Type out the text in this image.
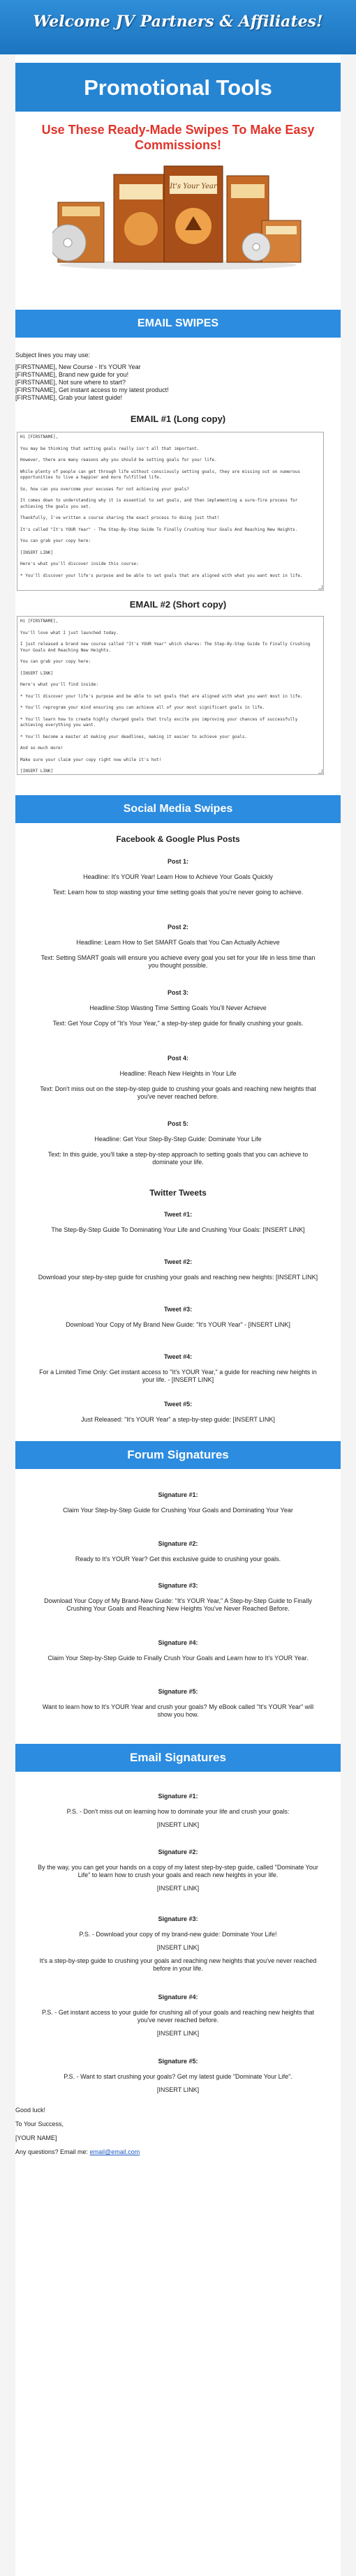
Welcome JV Partners & Affiliates!
Promotional Tools
Use These Ready-Made Swipes To Make Easy Commissions!
It's Your Year
EMAIL SWIPES
Subject lines you may use:
[FIRSTNAME], New Course - It's YOUR Year
[FIRSTNAME], Brand new guide for you!
[FIRSTNAME], Not sure where to start?
[FIRSTNAME], Get instant access to my latest product!
[FIRSTNAME], Grab your latest guide!
EMAIL #1 (Long copy)

Hi [FIRSTNAME],

You may be thinking that setting goals really isn't all that important.

However, there are many reasons why you should be setting goals for your life.

While plenty of people can get through life without consciously setting goals, they are missing out on numerous opportunities to live a happier and more fulfilled life.

So, how can you overcome your excuses for not achieving your goals?

It comes down to understanding why it is essential to set goals, and then implementing a sure-fire process for achieving the goals you set.

Thankfully, I've written a course sharing the exact process to doing just that!

It's called "It's YOUR Year" - The Step-By-Step Guide To Finally Crushing Your Goals And Reaching New Heights.

You can grab your copy here:

[INSERT LINK]

Here's what you'll discover inside this course:

* You'll discover your life's purpose and be able to set goals that are aligned with what you want most in life.

EMAIL #2 (Short copy)

Hi [FIRSTNAME],

You'll love what I just launched today.

I just released a brand new course called "It's YOUR Year" which shares: The Step-By-Step Guide To Finally Crushing Your Goals And Reaching New Heights.

You can grab your copy here:

[INSERT LINK]

Here's what you'll find inside:

* You'll discover your life's purpose and be able to set goals that are aligned with what you want most in life.

* You'll reprogram your mind ensuring you can achieve all of your most significant goals in life.

* You'll learn how to create highly charged goals that truly excite you improving your chances of successfully achieving everything you want.

* You'll become a master at making your deadlines, making it easier to achieve your goals.

And so much more!

Make sure your claim your copy right now while it's hot!

[INSERT LINK]

Social Media Swipes
Facebook & Google Plus Posts
Post 1:
Headline: It's YOUR Year! Learn How to Achieve Your Goals Quickly
Text: Learn how to stop wasting your time setting goals that you're never going to achieve.
Post 2:
Headline: Learn How to Set SMART Goals that You Can Actually Achieve
Text: Setting SMART goals will ensure you achieve every goal you set for your life in less time than you thought possible.
Post 3:
Headline:Stop Wasting Time Setting Goals You'll Never Achieve
Text: Get Your Copy of "It's Your Year," a step-by-step guide for finally crushing your goals.
Post 4:
Headline: Reach New Heights in Your Life
Text: Don't miss out on the step-by-step guide to crushing your goals and reaching new heights that you've never reached before.
Post 5:
Headline: Get Your Step-By-Step Guide: Dominate Your Life
Text: In this guide, you'll take a step-by-step approach to setting goals that you can achieve to dominate your life.
Twitter Tweets
Tweet #1:
The Step-By-Step Guide To Dominating Your Life and Crushing Your Goals: [INSERT LINK]
Tweet #2:
Download your step-by-step guide for crushing your goals and reaching new heights: [INSERT LINK]
Tweet #3:
Download Your Copy of My Brand New Guide: "It's YOUR Year" - [INSERT LINK]
Tweet #4:
For a Limited Time Only: Get instant access to "It's YOUR Year," a guide for reaching new heights in your life. - [INSERT LINK]
Tweet #5:
Just Released: "It's YOUR Year" a step-by-step guide: [INSERT LINK]
Forum Signatures
Signature #1:
Claim Your Step-by-Step Guide for Crushing Your Goals and Dominating Your Year
Signature #2:
Ready to It's YOUR Year? Get this exclusive guide to crushing your goals.
Signature #3:
Download Your Copy of My Brand-New Guide: "It's YOUR Year," A Step-by-Step Guide to Finally Crushing Your Goals and Reaching New Heights You've Never Reached Before.
Signature #4:
Claim Your Step-by-Step Guide to Finally Crush Your Goals and Learn how to It's YOUR Year.
Signature #5:
Want to learn how to It's YOUR Year and crush your goals? My eBook called "It's YOUR Year" will show you how.
Email Signatures
Signature #1:
P.S. - Don't miss out on learning how to dominate your life and crush your goals:
[INSERT LINK]
Signature #2:
By the way, you can get your hands on a copy of my latest step-by-step guide, called "Dominate Your Life" to learn how to crush your goals and reach new heights in your life.
[INSERT LINK]
Signature #3:
P.S. - Download your copy of my brand-new guide: Dominate Your Life!
[INSERT LINK]
It's a step-by-step guide to crushing your goals and reaching new heights that you've never reached before in your life.
Signature #4:
P.S. - Get instant access to your guide for crushing all of your goals and reaching new heights that you've never reached before.
[INSERT LINK]
Signature #5:
P.S. - Want to start crushing your goals? Get my latest guide "Dominate Your Life".
[INSERT LINK]
Good luck!
To Your Success,
[YOUR NAME]
Any questions? Email me: email@email.com
